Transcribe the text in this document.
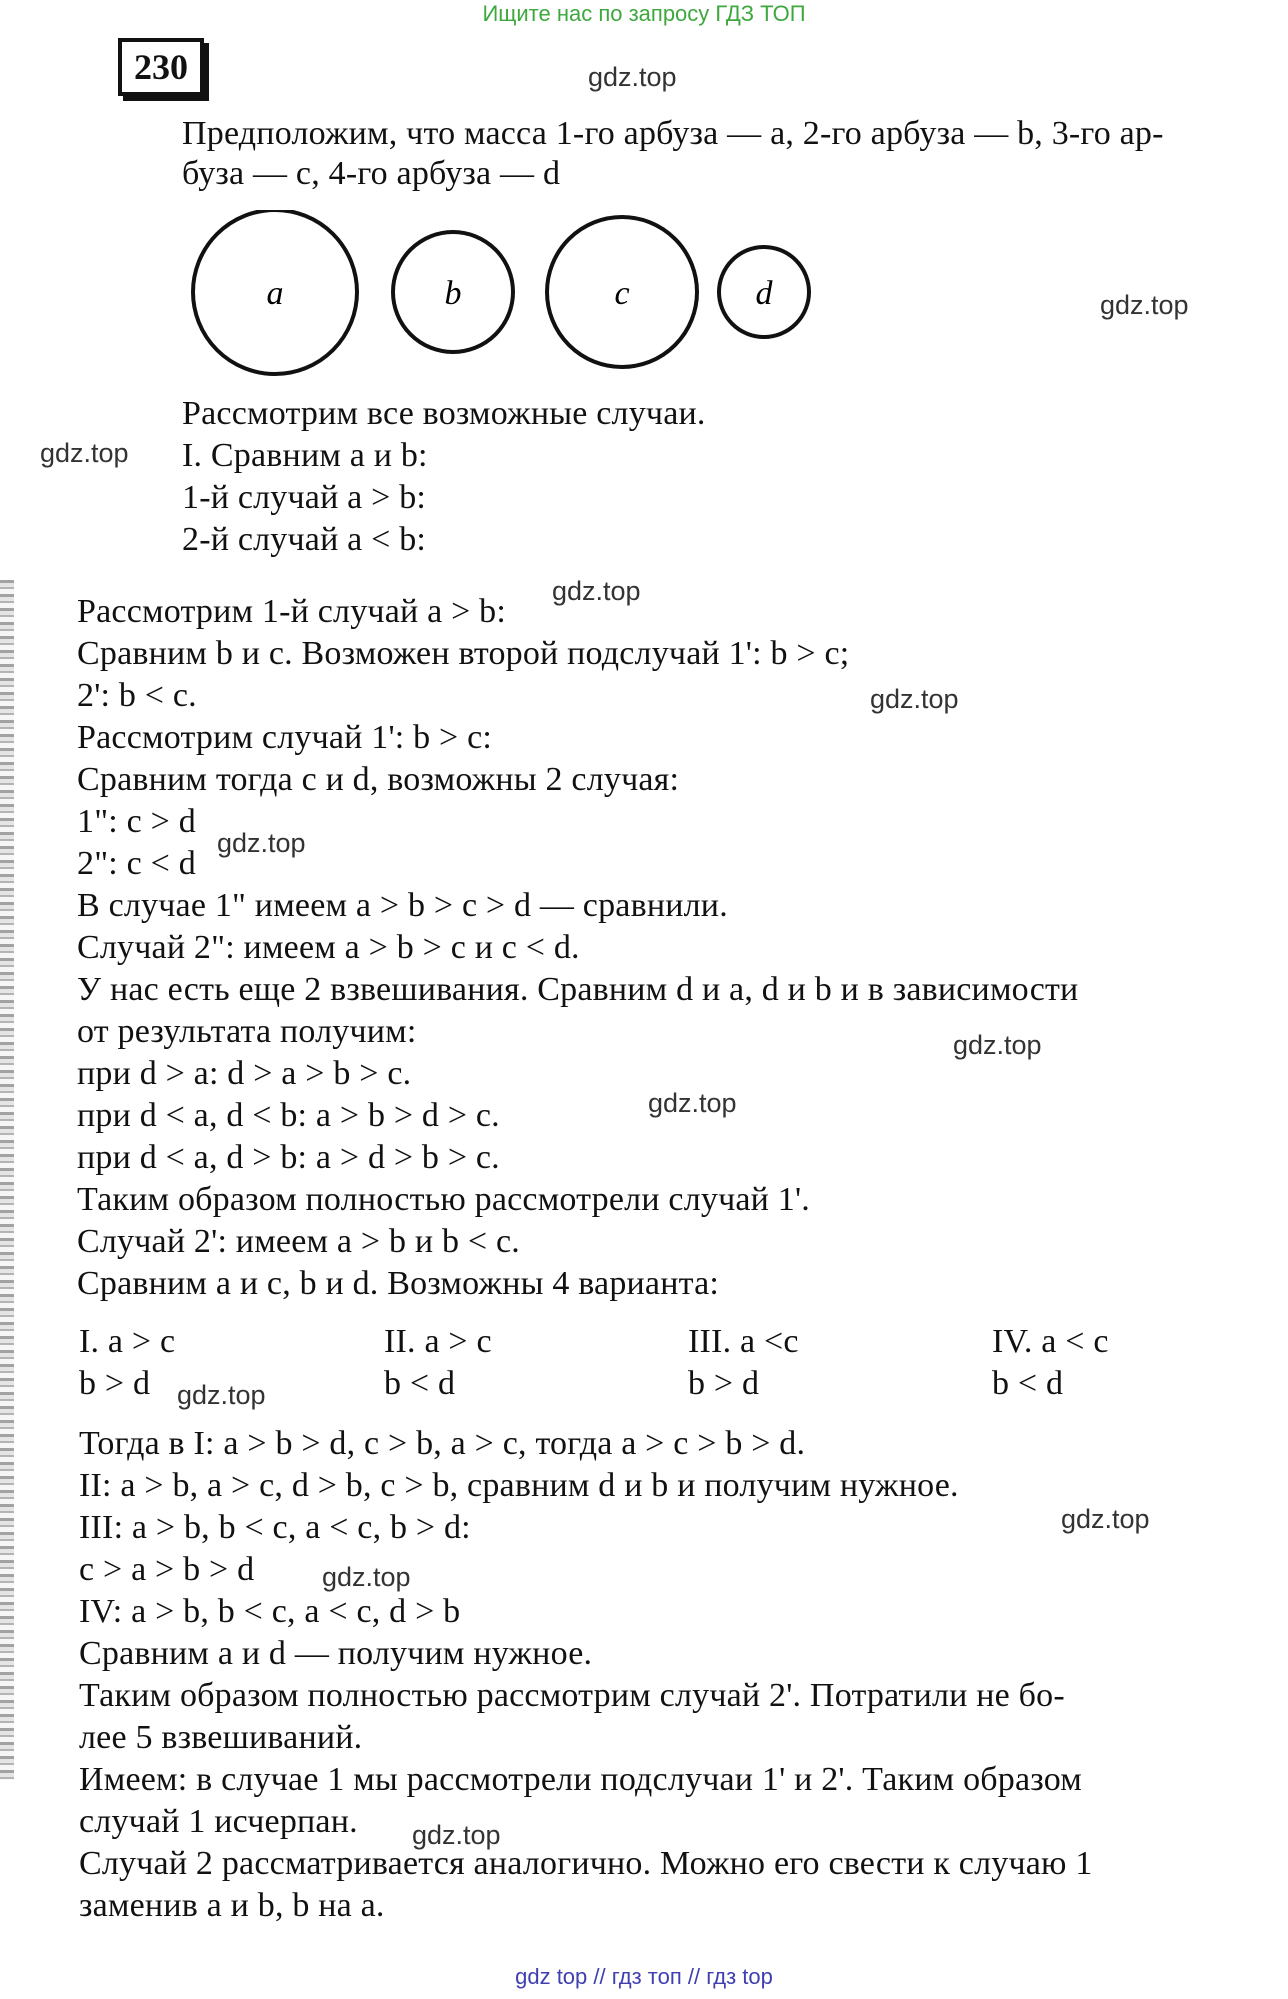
Ищите нас по запросу ГДЗ ТОП
230
Предположим, что масса 1-го арбуза — a, 2-го арбуза — b, 3-го ар-
буза — c, 4-го арбуза — d
a	b	c	d
Рассмотрим все возможные случаи.
I. Сравним a и b:
1-й случай a > b:
2-й случай a < b:
Рассмотрим 1-й случай a > b:
Сравним b и c. Возможен второй подслучай 1': b > c;
2': b < c.
Рассмотрим случай 1': b > c:
Сравним тогда c и d, возможны 2 случая:
1": c > d
2": c < d
В случае 1" имеем a > b > c > d — сравнили.
Случай 2": имеем a > b > c и c < d.
У нас есть еще 2 взвешивания. Сравним d и a, d и b и в зависимости
от результата получим:
при d > a: d > a > b > c.
при d < a, d < b: a > b > d > c.
при d < a, d > b: a > d > b > c.
Таким образом полностью рассмотрели случай 1'.
Случай 2': имеем a > b и b < c.
Сравним a и c, b и d. Возможны 4 варианта:
I. a > c
b > d
II. a > c
b < d
III. a <c
b > d
IV. a < c
b < d
Тогда в I: a > b > d, c > b, a > c, тогда a > c > b > d.
II: a > b, a > c, d > b, c > b, сравним d и b и получим нужное.
III: a > b, b < c, a < c, b > d:
c > a > b > d
IV: a > b, b < c, a < c, d > b
Сравним a и d — получим нужное.
Таким образом полностью рассмотрим случай 2'. Потратили не бо-
лее 5 взвешиваний.
Имеем: в случае 1 мы рассмотрели подслучаи 1' и 2'. Таким образом
случай 1 исчерпан.
Случай 2 рассматривается аналогично. Можно его свести к случаю 1
заменив a и b, b на a.
gdz.top
gdz.top
gdz.top
gdz.top
gdz.top
gdz.top
gdz.top
gdz.top
gdz.top
gdz.top
gdz.top
gdz.top
gdz top // гдз топ // гдз top
